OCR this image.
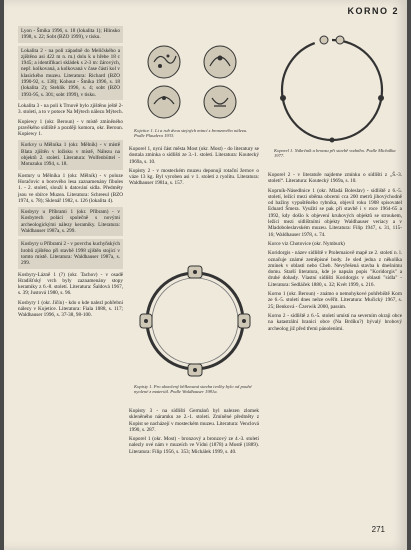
KORNO 2

Lyon - Šmíka 1996, s. 18 (lokalita 1); Hlinsko 1998, s. 22; Sobt (BZO 1999), v tisku.

Lokalita 2 - na poli západně do Meličského a zjištěno asi 422 m n. m.) dolu k u hřebe 18 c 1945; a identifikaci skládek s 2-3 m: žárových, nepř. kolkovaná, a kolkovaná v čase části kol v klasického muzeu. Literatura: Richard (BZO 1990-92, s. 138); Kohout - Šmíka 1996, s. 18 (lokalita 2); Stehlík 1996, s. 4; sobt (BZO 1993-95, s. 301; sobt 1999), v tisku.

Lokalita 3 - na poli k Trnově bylo zjištěno ještě 2-3. století, a to v potoce Na Mýtech nálezu Mýtech.

Kopiewy 1 (okr. Beroun) - v místě zmíněného pravěkého sídliště a později komora, okr. Beroun. Kopiewy 1.

Korkvy u Mělníka 1 (okr. Mělník) - v místě Blata zjištěn v ložisku v místě, Nálezu na objektů 2. století. Literatura: Wolfenbüttel - Motuzuku 1994, s. 18.

Kostury u Mělníka 1 (okr. Mělník) - v poloze Horačovic u borového lesa zaznamenány fibules 1. - 2. století, slouží k datování sídla. Předměty jsou ve sbírce Muzea. Literatura: Schreeul (BZO 1974, s. 78); Sklenář 1982, s. 126 (lokalita 4).

Kosbyry u Příbrami 1 (okr. Příbram) - v Kosbyrech poláci společně s novými archeologickými nálezy keramiky. Literatura: Waldhauser 1987a, s. 299.

Kosbyry u Příbrami 2 - v povrchu kuchyňských hrobů zjištěno při stavbě 1998 zjištěn stojící v tomto místě. Literatura: Waldhauser 1987a, s. 299.

Kosbyry-Lázně 1 (?) (okr. Tachov) - v osadě Hradišťský vrch byly zaznamenány stopy keramiky z 6.-8. století. Literatura: Šaldová 1967, s. 39; Justová 1980, s. 96.

Kosbyry 1 (okr. Jičín) - kdo o kde nalezl pohřební nálezy v Kojetice. Literatura: Fiala 1888, s. 117; Waldhauser 1996, s. 37-38, 98-100.

Kojetice 1. Li a rub dvou stejných mincí s bronzového nálezu. Podle Plaudera 1933.
Koporel 1. Nákrčník a bronzu při stavbě vodního. Podle Michálka 1977.

Koporel 1, nyní část města Most (okr. Most) - do literatury se dostala zmínka o sídlišti ze 3.-1. století. Literatura: Koutecký 1969a, s. 10.

Kopisty 2 - v mosteckém muzeu deponují rotační žernov o váze 13 kg. Byl vyroben asi v 1. století z ryolitu. Literatura: Waldhauser 1981a, s. 157.

Kopisty 1. Pro ukončený bělkovaná stavba tvolhy bylo od pouhé nyolené z materiál. Podle Waldhauser 1981a.

Kopisty 3 - na sídlišti Germánů byl nalezen zlomek skleněného náramku ze 2.-1. století. Zmíněné předměty z Kopist se nacházejí v mosteckém muzeu. Literatura: Venclová 1990, s. 287.

Koporel 1 (okr. Most) - bronzový a bronzový ze 4.-3. století nalezly ové nám v muzeích ve Vídni (1878) a Mostě (1889). Literatura: Filip 1956, s. 353; Michálek 1999, s. 40.

Koporel 2 - v literatuře najdeme zmínku o sídlišti z „Š.-3. století“. Literatura: Koutecký 1969a, s. 10.

Koprník-Násedlnice 1 (okr. Mladá Boleslav) - sídliště z 6.-5. století, ležící mezi oběma obcemi cca 200 metrů jihovýchodně od bažiny vypuštěného rybníka, objevil roku 1908 spisovatel Eduard Šmera. Využití se pak při stavbě i v roce 1964-65 a 1992, kdy došlo k objevení kruhových objektů se stroukem, ležící mezi sídlištními objekty Waldhauser veriacy a v Mladoboleslavském muzeu. Literatura: Filip 1947, s. 31, 115-16; Waldhauser 1978, s. 74.

Korce viz Chotovice (okr. Nymburk)

Koridorgis - název sídliště v Ptolemaiově mapě ze 2. století n. l. označuje známé zeměpisné body. Je sled jedna z několika zmínek v oblasti nebo Cheb. Nevyřešená stavba k dnešnímu domu. Starší literatura, kde je napsán popis "Koridorgis" a druhé dohady. Vlastní sídlišti Koridorgis v oblasti "sídla" - Literatura: Sedláček 1880, s. 32; Kvét 1999, s. 216.

Korno 1 (okr. Beroun) - známo o nemohykové pohřebiště Korn ze 6.-5. století dnes nelze ověřit. Literatura: Mučický 1967, s. 25; Benková - Čzerwik 2000, passim.

Korno 2 - sídliště z 6.-5. století umístí na severním okraji obce na katastrální hranici obce (Na Brdíku?) bývalý hrobový archeolog již před třemi pánoleními.

271
